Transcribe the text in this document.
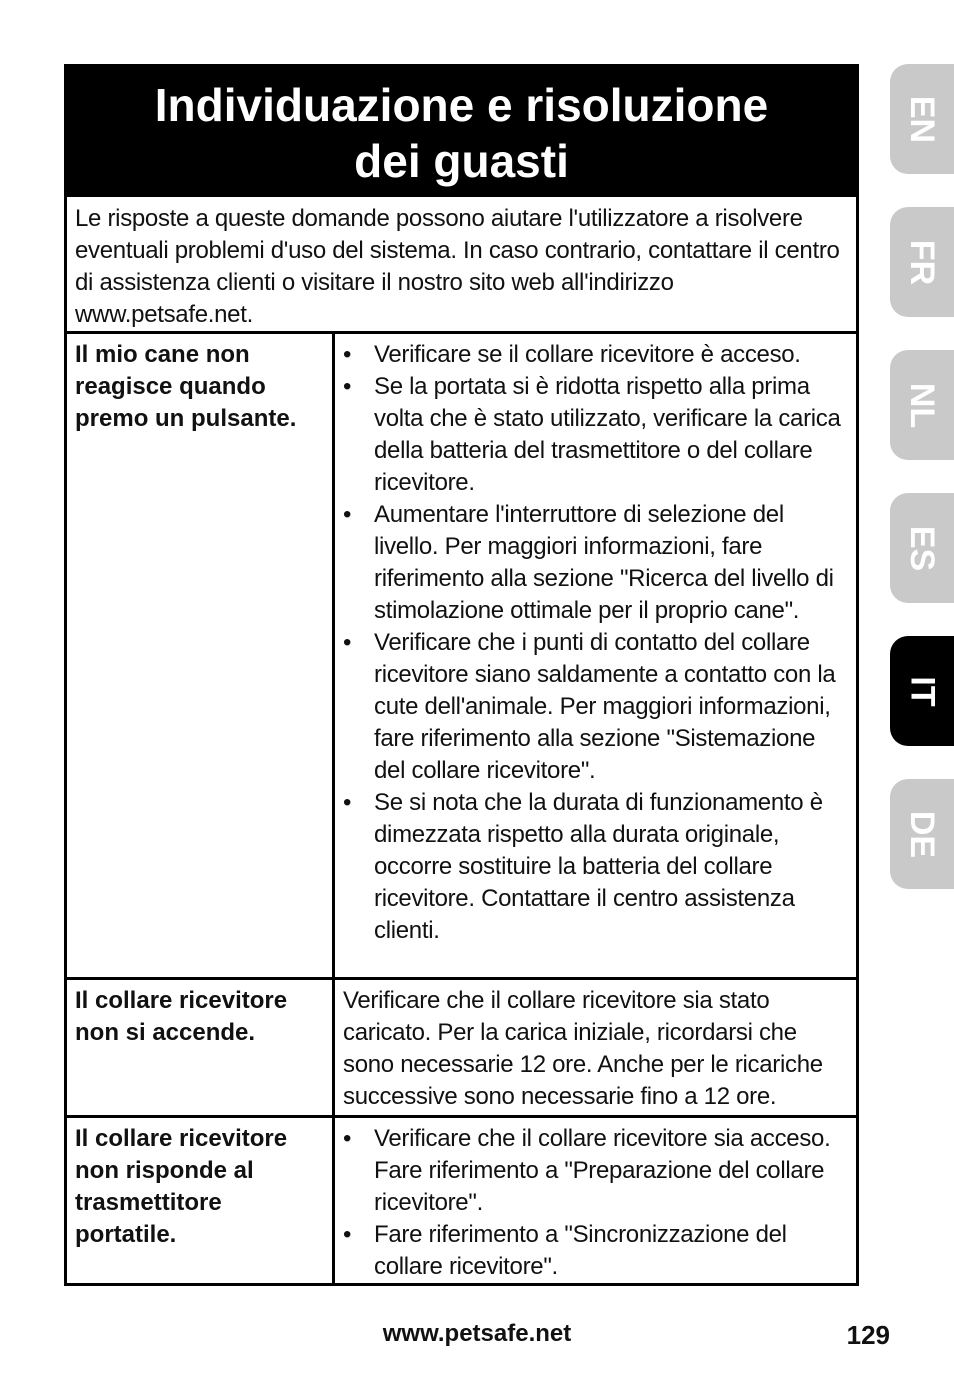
Individuazione e risoluzione
dei guasti
Le risposte a queste domande possono aiutare l'utilizzatore a risolvere eventuali problemi d'uso del sistema. In caso contrario, contattare il centro di assistenza clienti o visitare il nostro sito web all'indirizzo www.petsafe.net.
Il mio cane non reagisce quando premo un pulsante.
• Verificare se il collare ricevitore è acceso.
• Se la portata si è ridotta rispetto alla prima volta che è stato utilizzato, verificare la carica della batteria del trasmettitore o del collare ricevitore.
• Aumentare l'interruttore di selezione del livello. Per maggiori informazioni, fare riferimento alla sezione "Ricerca del livello di stimolazione ottimale per il proprio cane".
• Verificare che i punti di contatto del collare ricevitore siano saldamente a contatto con la cute dell'animale. Per maggiori informazioni, fare riferimento alla sezione "Sistemazione del collare ricevitore".
• Se si nota che la durata di funzionamento è dimezzata rispetto alla durata originale, occorre sostituire la batteria del collare ricevitore. Contattare il centro assistenza clienti.
Il collare ricevitore non si accende.
Verificare che il collare ricevitore sia stato caricato. Per la carica iniziale, ricordarsi che sono necessarie 12 ore. Anche per le ricariche successive sono necessarie fino a 12 ore.
Il collare ricevitore non risponde al trasmettitore portatile.
• Verificare che il collare ricevitore sia acceso. Fare riferimento a "Preparazione del collare ricevitore".
• Fare riferimento a "Sincronizzazione del collare ricevitore".
EN
FR
NL
ES
IT
DE
www.petsafe.net	129
